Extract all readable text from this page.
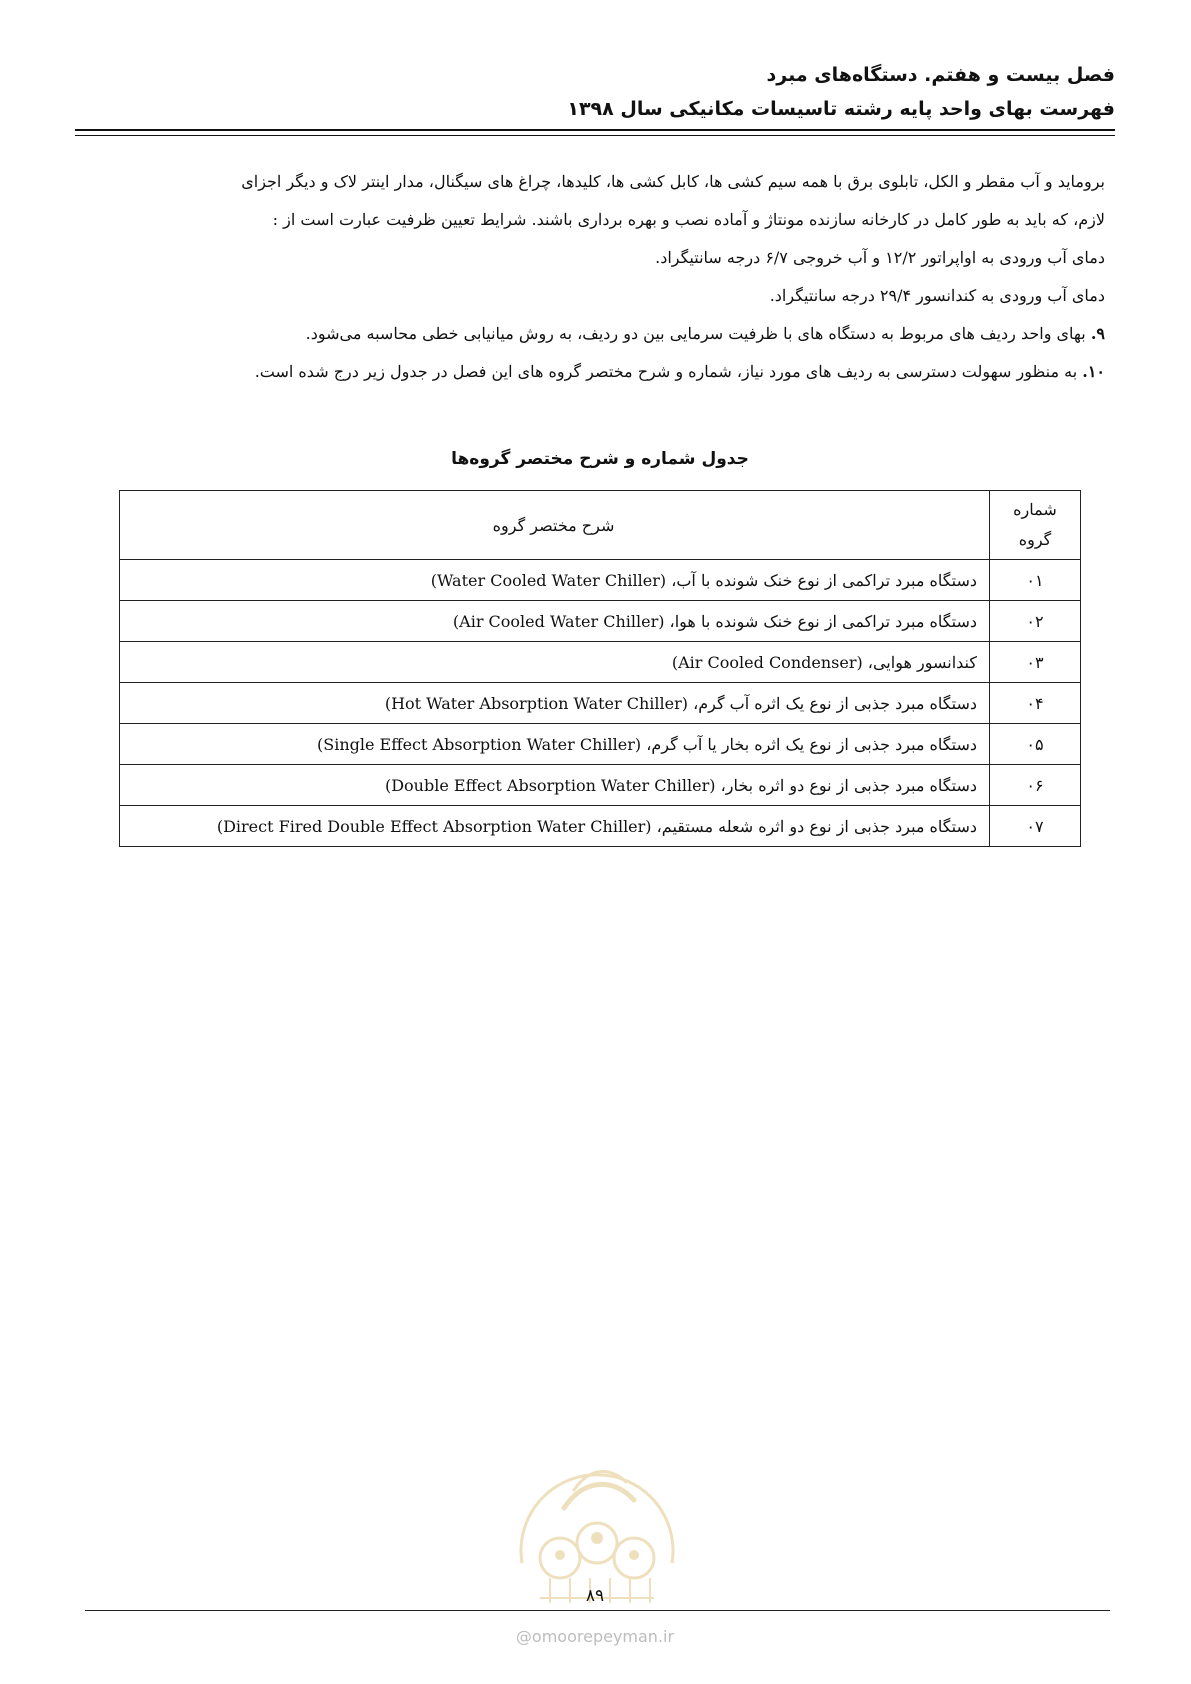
فصل بیست و هفتم. دستگاه‌های مبرد
فهرست بهای واحد پایه رشته تاسیسات مکانیکی سال ۱۳۹۸
برومايد و آب مقطر و الكل، تابلوی برق با همه سيم كشی ها، كابل كشی ها، كليدها، چراغ های سيگنال، مدار اينتر لاک و ديگر اجزای
لازم، كه بايد به طور كامل در كارخانه سازنده مونتاژ و آماده نصب و بهره برداری باشند. شرايط تعيين ظرفيت عبارت است از :
دمای آب ورودی به اواپراتور ۱۲/۲ و آب خروجی ۶/۷ درجه سانتيگراد.
دمای آب ورودی به كندانسور ۲۹/۴ درجه سانتيگراد.
۹. بهای واحد رديف های مربوط به دستگاه های با ظرفيت سرمايی بين دو رديف، به روش ميانيابی خطی محاسبه می‌شود.
۱۰. به منظور سهولت دسترسی به رديف های مورد نياز، شماره و شرح مختصر گروه های اين فصل در جدول زير درج شده است.
جدول شماره و شرح مختصر گروه‌ها
شماره
گروه	شرح مختصر گروه
۰۱	دستگاه مبرد تراكمی از نوع خنک شونده با آب، (Water Cooled Water Chiller)
۰۲	دستگاه مبرد تراكمی از نوع خنک شونده با هوا، (Air Cooled Water Chiller)
۰۳	كندانسور هوايی، (Air Cooled Condenser)
۰۴	دستگاه مبرد جذبی از نوع يک اثره آب گرم، (Hot Water Absorption Water Chiller)
۰۵	دستگاه مبرد جذبی از نوع يک اثره بخار يا آب گرم، (Single Effect Absorption Water Chiller)
۰۶	دستگاه مبرد جذبی از نوع دو اثره بخار، (Double Effect Absorption Water Chiller)
۰۷	دستگاه مبرد جذبی از نوع دو اثره شعله مستقيم، (Direct Fired Double Effect Absorption Water Chiller)
۸۹
@omoorepeyman.ir
